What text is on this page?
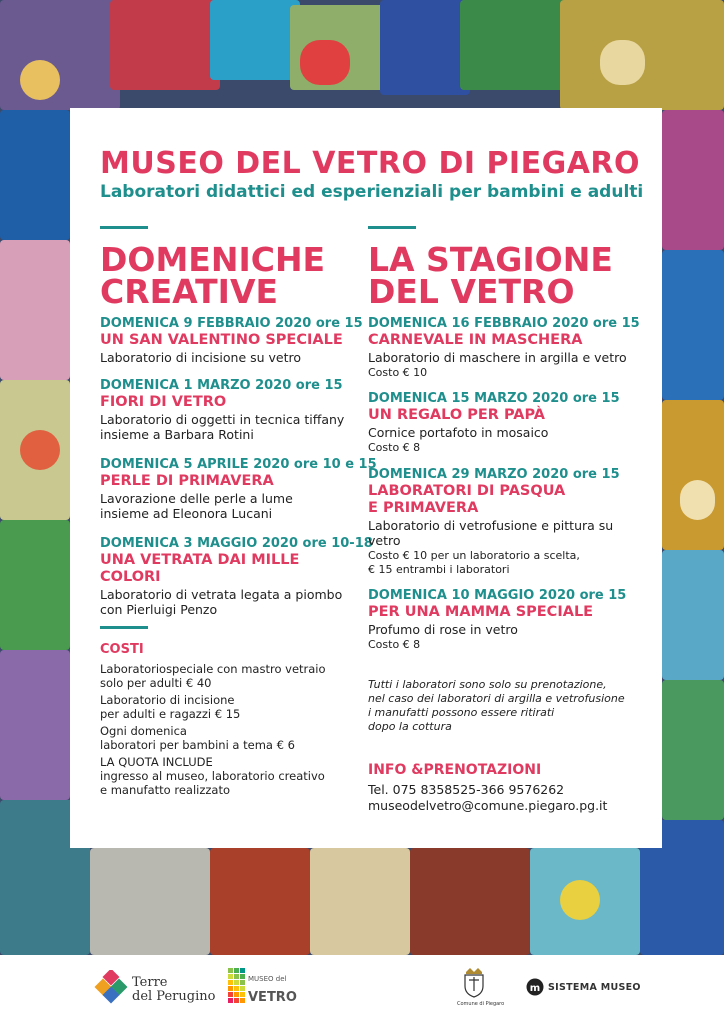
MUSEO DEL VETRO DI PIEGARO
Laboratori didattici ed esperienziali per bambini e adulti
DOMENICHE
CREATIVE
DOMENICA 9 FEBBRAIO 2020 ore 15
UN SAN VALENTINO SPECIALE
Laboratorio di incisione su vetro
DOMENICA 1 MARZO 2020 ore 15
FIORI DI VETRO
Laboratorio di oggetti in tecnica tiffany
insieme a Barbara Rotini
DOMENICA 5 APRILE 2020 ore 10 e 15
PERLE DI PRIMAVERA
Lavorazione delle perle a lume
insieme ad Eleonora Lucani
DOMENICA 3 MAGGIO 2020 ore 10-18
UNA VETRATA DAI MILLE COLORI
Laboratorio di vetrata legata a piombo
con Pierluigi Penzo
COSTI
Laboratoriospeciale con mastro vetraio
solo per adulti € 40
Laboratorio di incisione
per adulti e ragazzi € 15
Ogni domenica
laboratori per bambini a tema € 6
LA QUOTA INCLUDE
ingresso al museo, laboratorio creativo
e manufatto realizzato
LA STAGIONE
DEL VETRO
DOMENICA 16 FEBBRAIO 2020 ore 15
CARNEVALE IN MASCHERA
Laboratorio di maschere in argilla e vetro
Costo € 10
DOMENICA 15 MARZO 2020 ore 15
UN REGALO PER PAPÀ
Cornice portafoto in mosaico
Costo € 8
DOMENICA 29 MARZO 2020 ore 15
LABORATORI DI PASQUA
E PRIMAVERA
Laboratorio di vetrofusione e pittura su
vetro
Costo € 10 per un laboratorio a scelta,
€ 15 entrambi i laboratori
DOMENICA 10 MAGGIO 2020 ore 15
PER UNA MAMMA SPECIALE
Profumo di rose in vetro
Costo € 8
Tutti i laboratori sono solo su prenotazione,
nel caso dei laboratori di argilla e vetrofusione
i manufatti possono essere ritirati
dopo la cottura
INFO &PRENOTAZIONI
Tel. 075 8358525-366 9576262
museodelvetro@comune.piegaro.pg.it
Terre
del Perugino
MUSEO del
VETRO	Comune di Piegaro
m SISTEMA MUSEO
